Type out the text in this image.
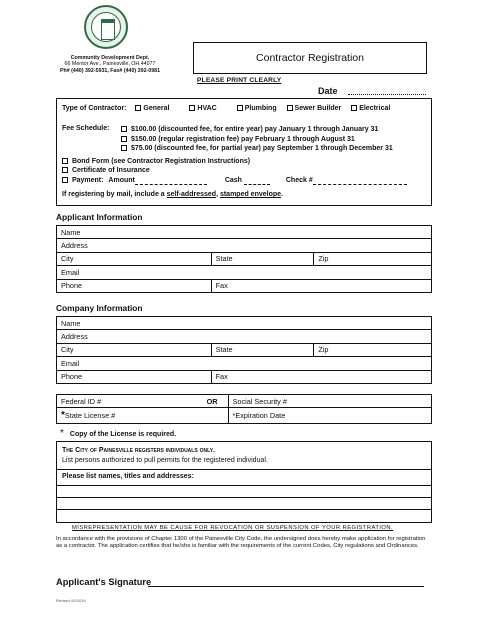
Community Development Dept.
66 Mentor Ave., Painesville, OH 44077
Ph# (440) 392-5931, Fax# (440) 392-0981
Contractor Registration
PLEASE PRINT CLEARLY
Date
Type of Contractor: General	HVAC	Plumbing	Sewer Builder	Electrical
Fee Schedule:	$100.00 (discounted fee, for entire year) pay January 1 through January 31
$150.00 (regular registration fee) pay February 1 through August 31
$75.00 (discounted fee, for partial year) pay September 1 through December 31
Bond Form (see Contractor Registration Instructions)
Certificate of Insurance
Payment: Amount	Cash	Check #
If registering by mail, include a self-addressed, stamped envelope.
Applicant Information
Name		
Address		
City	State	Zip
Email		
Phone	Fax	
Company Information
Name		
Address		
City	State	Zip
Email		
Phone	Fax	
Federal ID # OR	Social Security #
*State License #	*Expiration Date
* Copy of the License is required.
The City of Painesville registers individuals only.
List persons authorized to pull permits for the registered individual.
Please list names, titles and addresses:
MISREPRESENTATION MAY BE CAUSE FOR REVOCATION OR SUSPENSION OF YOUR REGISTRATION.
In accordance with the provisions of Chapter 1300 of the Painesville City Code, the undersigned does hereby make application for registration as a contractor. The application certifies that he/she is familiar with the requirements of the current Codes, City regulations and Ordinances.
Applicant's Signature
Revised 4/2/2019
